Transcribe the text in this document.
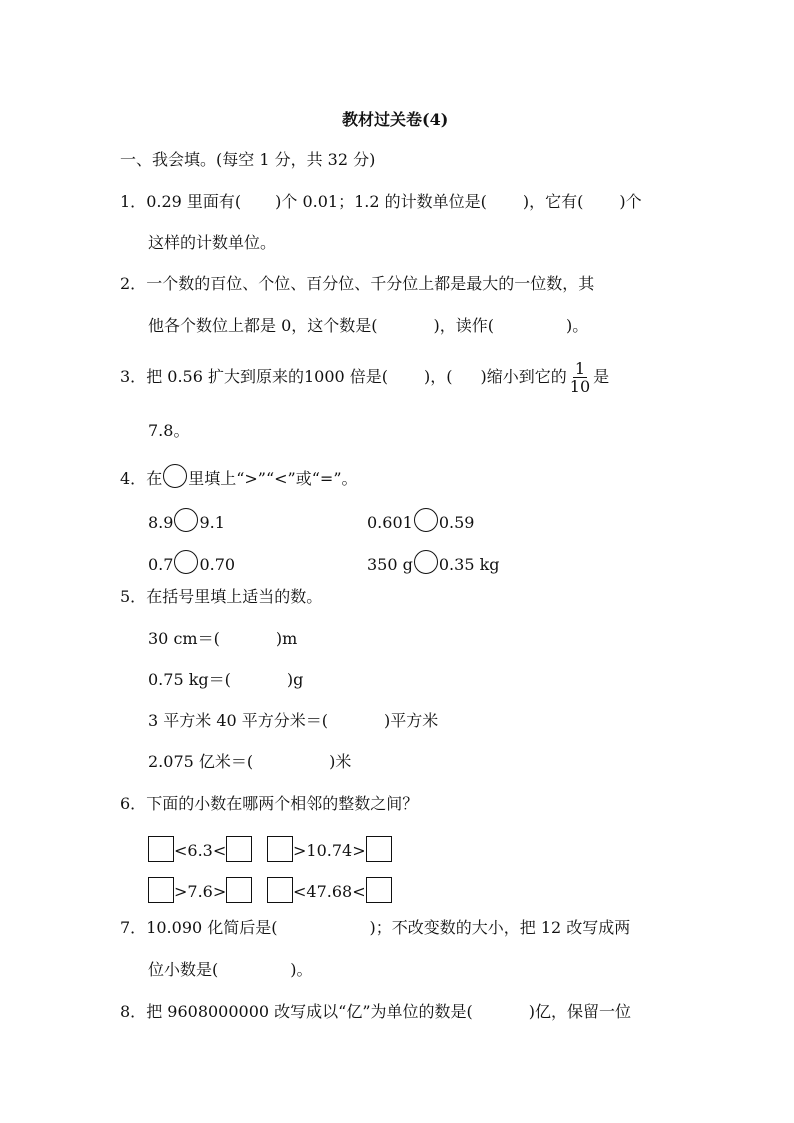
教材过关卷(4)
一、我会填。(每空 1 分，共 32 分)
1．0.29 里面有( )个 0.01；1.2 的计数单位是( )，它有( )个
这样的计数单位。
2．一个数的百位、个位、百分位、千分位上都是最大的一位数，其
他各个数位上都是 0，这个数是(	)，读作(	)。
3．把 0.56 扩大到原来的1000 倍是( )，( )缩小到它的 $\frac{1}{10}$ 是
7.8。
4．在 里填上“>”“<”或“=”。
8.9 9.1	0.601 0.59
0.7 0.70	350 g 0.35 kg
5．在括号里填上适当的数。
30 cm＝(	)m
0.75 kg＝(	)g
3 平方米 40 平方分米＝(	)平方米
2.075 亿米＝(	)米
6．下面的小数在哪两个相邻的整数之间？
<6.3<	>10.74>
>7.6>	<47.68<
7．10.090 化简后是(	)；不改变数的大小，把 12 改写成两
位小数是(	)。
8．把 9608000000 改写成以“亿”为单位的数是(	)亿，保留一位
